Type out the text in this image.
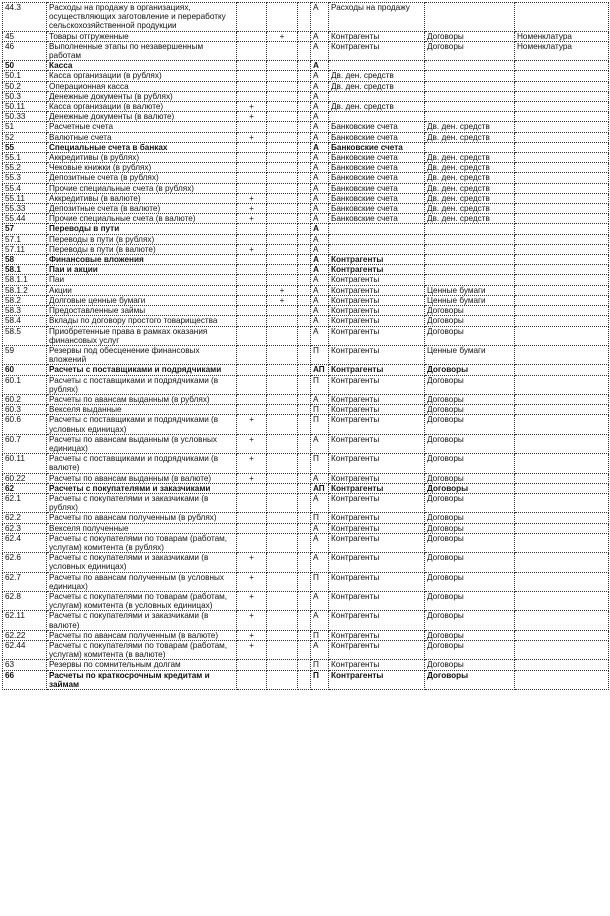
44.3	Расходы на продажу в организациях, осуществляющих заготовление и переработку сельскохозяйственной продукции				А	Расходы на продажу		
45	Товары отгруженные		+		А	Контрагенты	Договоры	Номенклатура
46	Выполненные этапы по незавершенным работам				А	Контрагенты	Договоры	Номенклатура
50	Касса				А			
50.1	Касса организации (в рублях)				А	Дв. ден. средств		
50.2	Операционная касса				А	Дв. ден. средств		
50.3	Денежные документы (в рублях)				А			
50.11	Касса организации (в валюте)	+			А	Дв. ден. средств		
50.33	Денежные документы (в валюте)	+			А			
51	Расчетные счета				А	Банковские счета	Дв. ден. средств	
52	Валютные счета	+			А	Банковские счета	Дв. ден. средств	
55	Специальные счета в банках				А	Банковские счета		
55.1	Аккредитивы (в рублях)				А	Банковские счета	Дв. ден. средств	
55.2	Чековые книжки (в рублях)				А	Банковские счета	Дв. ден. средств	
55.3	Депозитные счета (в рублях)				А	Банковские счета	Дв. ден. средств	
55.4	Прочие специальные счета (в рублях)				А	Банковские счета	Дв. ден. средств	
55.11	Аккредитивы (в валюте)	+			А	Банковские счета	Дв. ден. средств	
55.33	Депозитные счета (в валюте)	+			А	Банковские счета	Дв. ден. средств	
55.44	Прочие специальные счета (в валюте)	+			А	Банковские счета	Дв. ден. средств	
57	Переводы в пути				А			
57.1	Переводы в пути (в рублях)				А			
57.11	Переводы в пути (в валюте)	+			А			
58	Финансовые вложения				А	Контрагенты		
58.1	Паи и акции				А	Контрагенты		
58.1.1	Паи				А	Контрагенты		
58.1.2	Акции		+		А	Контрагенты	Ценные бумаги	
58.2	Долговые ценные бумаги		+		А	Контрагенты	Ценные бумаги	
58.3	Предоставленные займы				А	Контрагенты	Договоры	
58.4	Вклады по договору простого товарищества				А	Контрагенты	Договоры	
58.5	Приобретенные права в рамках оказания финансовых услуг				А	Контрагенты	Договоры	
59	Резервы под обесценение финансовых вложений				П	Контрагенты	Ценные бумаги	
60	Расчеты с поставщиками и подрядчиками				АП	Контрагенты	Договоры	
60.1	Расчеты с поставщиками и подрядчиками (в рублях)				П	Контрагенты	Договоры	
60.2	Расчеты по авансам выданным (в рублях)				А	Контрагенты	Договоры	
60.3	Векселя выданные				П	Контрагенты	Договоры	
60.6	Расчеты с поставщиками и подрядчиками (в условных единицах)	+			П	Контрагенты	Договоры	
60.7	Расчеты по авансам выданным (в условных единицах)	+			А	Контрагенты	Договоры	
60.11	Расчеты с поставщиками и подрядчиками (в валюте)	+			П	Контрагенты	Договоры	
60.22	Расчеты по авансам выданным (в валюте)	+			А	Контрагенты	Договоры	
62	Расчеты с покупателями и заказчиками				АП	Контрагенты	Договоры	
62.1	Расчеты с покупателями и заказчиками (в рублях)				А	Контрагенты	Договоры	
62.2	Расчеты по авансам полученным (в рублях)				П	Контрагенты	Договоры	
62.3	Векселя полученные				А	Контрагенты	Договоры	
62.4	Расчеты с покупателями по товарам (работам, услугам) комитента (в рублях)				А	Контрагенты	Договоры	
62.6	Расчеты с покупателями и заказчиками (в условных единицах)	+			А	Контрагенты	Договоры	
62.7	Расчеты по авансам полученным (в условных единицах)	+			П	Контрагенты	Договоры	
62.8	Расчеты с покупателями по товарам (работам, услугам) комитента (в условных единицах)	+			А	Контрагенты	Договоры	
62.11	Расчеты с покупателями и заказчиками (в валюте)	+			А	Контрагенты	Договоры	
62.22	Расчеты по авансам полученным (в валюте)	+			П	Контрагенты	Договоры	
62.44	Расчеты с покупателями по товарам (работам, услугам) комитента (в валюте)	+			А	Контрагенты	Договоры	
63	Резервы по сомнительным долгам				П	Контрагенты	Договоры	
66	Расчеты по краткосрочным кредитам и займам				П	Контрагенты	Договоры	
